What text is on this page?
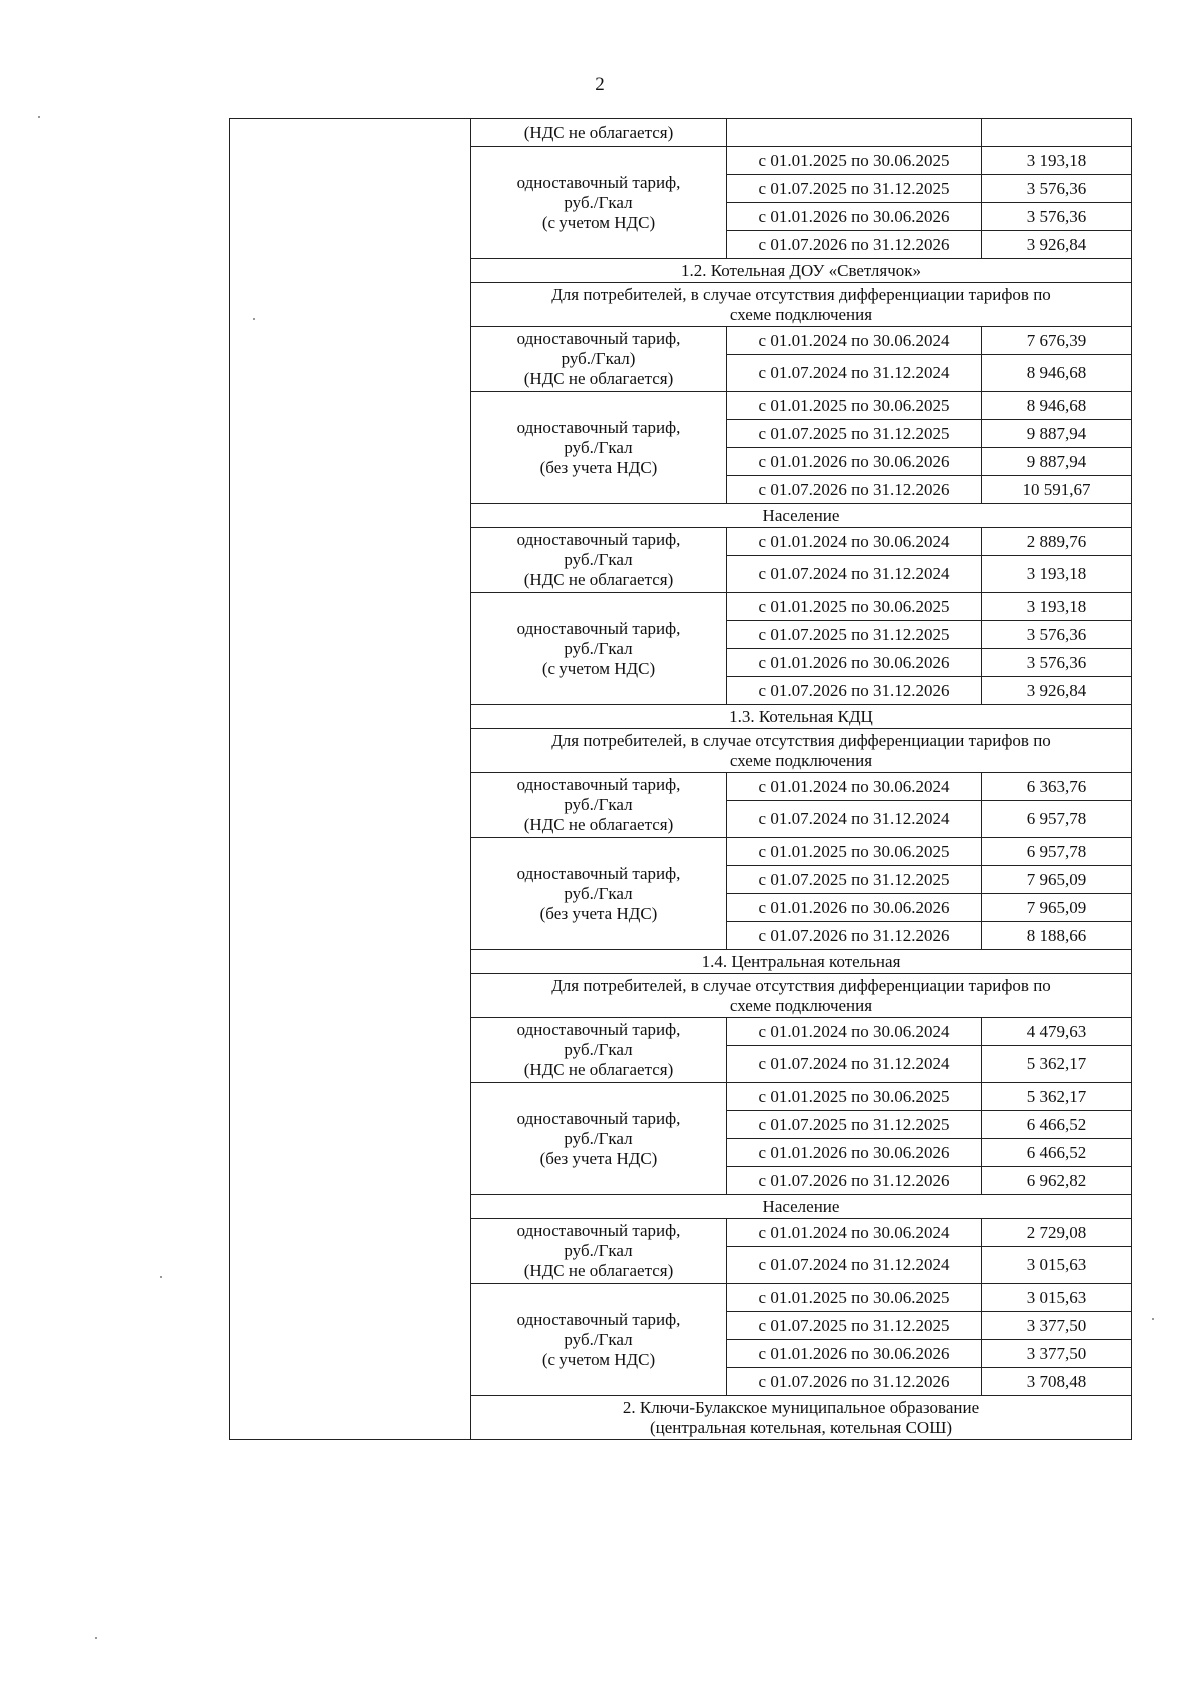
2
	(НДС не облагается)		
	одноставочный тариф,
руб./Гкал
(с учетом НДС)	с 01.01.2025 по 30.06.2025	3 193,18
		с 01.07.2025 по 31.12.2025	3 576,36
		с 01.01.2026 по 30.06.2026	3 576,36
		с 01.07.2026 по 31.12.2026	3 926,84
	1.2. Котельная ДОУ «Светлячок»		
	Для потребителей, в случае отсутствия дифференциации тарифов по
схеме подключения		
	одноставочный тариф,
руб./Гкал)
(НДС не облагается)	с 01.01.2024 по 30.06.2024	7 676,39
		с 01.07.2024 по 31.12.2024	8 946,68
	одноставочный тариф,
руб./Гкал
(без учета НДС)	с 01.01.2025 по 30.06.2025	8 946,68
		с 01.07.2025 по 31.12.2025	9 887,94
		с 01.01.2026 по 30.06.2026	9 887,94
		с 01.07.2026 по 31.12.2026	10 591,67
	Население		
	одноставочный тариф,
руб./Гкал
(НДС не облагается)	с 01.01.2024 по 30.06.2024	2 889,76
		с 01.07.2024 по 31.12.2024	3 193,18
	одноставочный тариф,
руб./Гкал
(с учетом НДС)	с 01.01.2025 по 30.06.2025	3 193,18
		с 01.07.2025 по 31.12.2025	3 576,36
		с 01.01.2026 по 30.06.2026	3 576,36
		с 01.07.2026 по 31.12.2026	3 926,84
	1.3. Котельная КДЦ		
	Для потребителей, в случае отсутствия дифференциации тарифов по
схеме подключения		
	одноставочный тариф,
руб./Гкал
(НДС не облагается)	с 01.01.2024 по 30.06.2024	6 363,76
		с 01.07.2024 по 31.12.2024	6 957,78
	одноставочный тариф,
руб./Гкал
(без учета НДС)	с 01.01.2025 по 30.06.2025	6 957,78
		с 01.07.2025 по 31.12.2025	7 965,09
		с 01.01.2026 по 30.06.2026	7 965,09
		с 01.07.2026 по 31.12.2026	8 188,66
	1.4. Центральная котельная		
	Для потребителей, в случае отсутствия дифференциации тарифов по
схеме подключения		
	одноставочный тариф,
руб./Гкал
(НДС не облагается)	с 01.01.2024 по 30.06.2024	4 479,63
		с 01.07.2024 по 31.12.2024	5 362,17
	одноставочный тариф,
руб./Гкал
(без учета НДС)	с 01.01.2025 по 30.06.2025	5 362,17
		с 01.07.2025 по 31.12.2025	6 466,52
		с 01.01.2026 по 30.06.2026	6 466,52
		с 01.07.2026 по 31.12.2026	6 962,82
	Население		
	одноставочный тариф,
руб./Гкал
(НДС не облагается)	с 01.01.2024 по 30.06.2024	2 729,08
		с 01.07.2024 по 31.12.2024	3 015,63
	одноставочный тариф,
руб./Гкал
(с учетом НДС)	с 01.01.2025 по 30.06.2025	3 015,63
		с 01.07.2025 по 31.12.2025	3 377,50
		с 01.01.2026 по 30.06.2026	3 377,50
		с 01.07.2026 по 31.12.2026	3 708,48
	2. Ключи-Булакское муниципальное образование
(центральная котельная, котельная СОШ)		
